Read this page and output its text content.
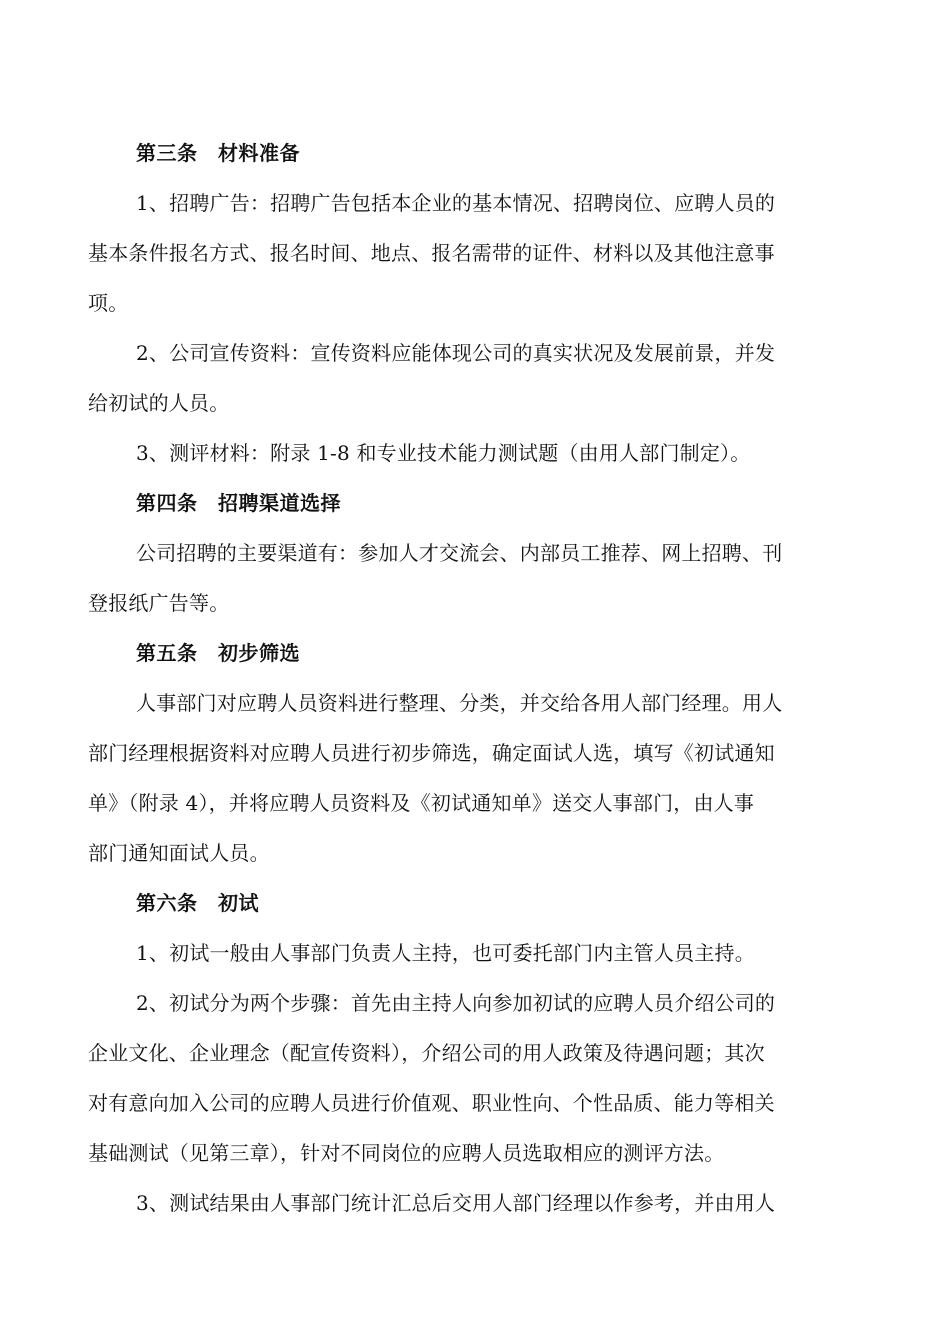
第三条　材料准备
1、招聘广告：招聘广告包括本企业的基本情况、招聘岗位、应聘人员的
基本条件报名方式、报名时间、地点、报名需带的证件、材料以及其他注意事
项。
2、公司宣传资料：宣传资料应能体现公司的真实状况及发展前景，并发
给初试的人员。
3、测评材料：附录 1-8 和专业技术能力测试题（由用人部门制定）。
第四条　招聘渠道选择
公司招聘的主要渠道有：参加人才交流会、内部员工推荐、网上招聘、刊
登报纸广告等。
第五条　初步筛选
人事部门对应聘人员资料进行整理、分类，并交给各用人部门经理。用人
部门经理根据资料对应聘人员进行初步筛选，确定面试人选，填写《初试通知
单》（附录 4），并将应聘人员资料及《初试通知单》送交人事部门，由人事
部门通知面试人员。
第六条　初试
1、初试一般由人事部门负责人主持，也可委托部门内主管人员主持。
2、初试分为两个步骤：首先由主持人向参加初试的应聘人员介绍公司的
企业文化、企业理念（配宣传资料），介绍公司的用人政策及待遇问题；其次
对有意向加入公司的应聘人员进行价值观、职业性向、个性品质、能力等相关
基础测试（见第三章），针对不同岗位的应聘人员选取相应的测评方法。
3、测试结果由人事部门统计汇总后交用人部门经理以作参考，并由用人
